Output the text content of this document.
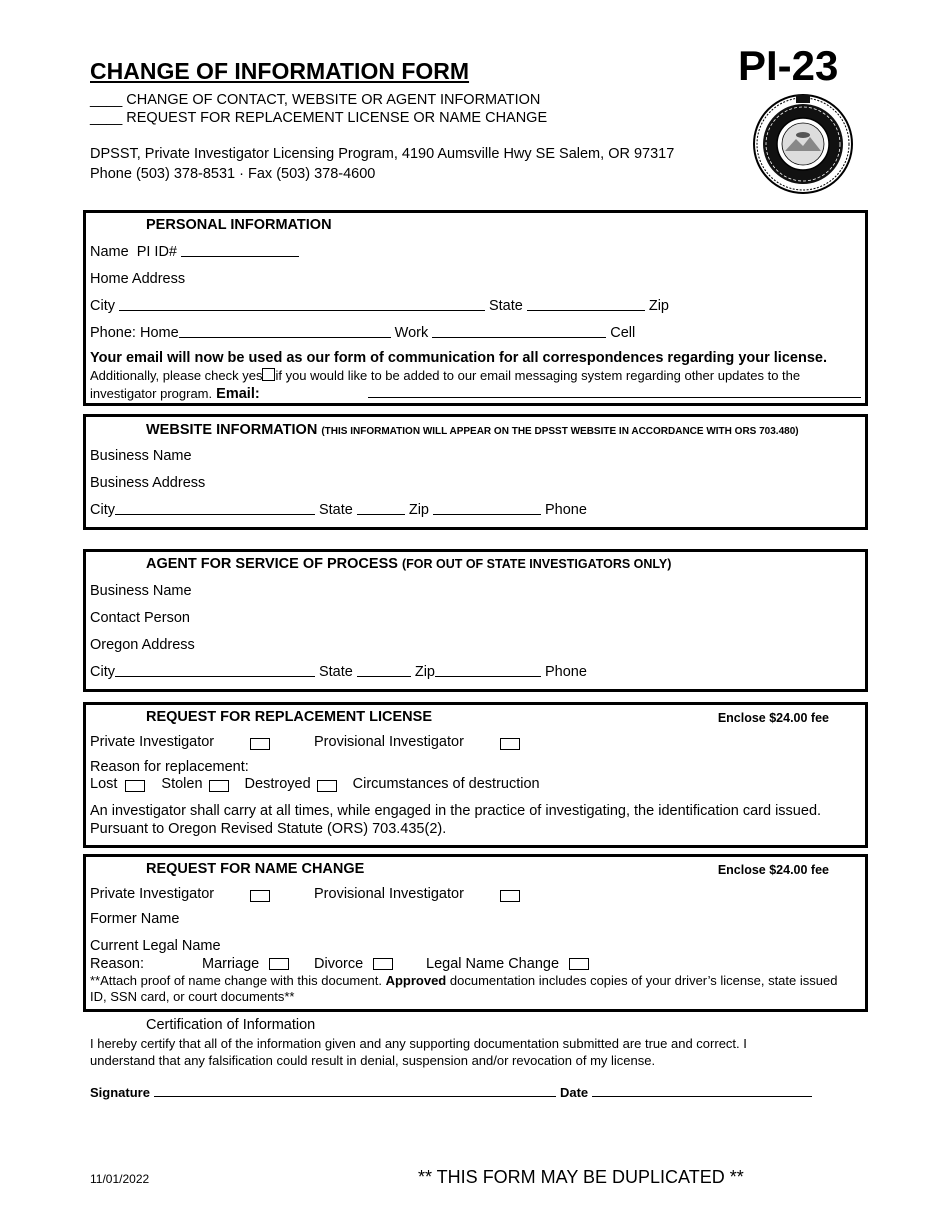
CHANGE OF INFORMATION FORM	PI-23
____ CHANGE OF CONTACT, WEBSITE OR AGENT INFORMATION
____ REQUEST FOR REPLACEMENT LICENSE OR NAME CHANGE
DPSST, Private Investigator Licensing Program, 4190 Aumsville Hwy SE Salem, OR 97317
Phone (503) 378-8531 · Fax (503) 378-4600
PERSONAL INFORMATION
Name PI ID#
Home Address
City	State	Zip
Phone: Home	Work	Cell
Your email will now be used as our form of communication for all correspondences regarding your license. Additionally, please check yes if you would like to be added to our email messaging system regarding other updates to the investigator program. Email:
WEBSITE INFORMATION (THIS INFORMATION WILL APPEAR ON THE DPSST WEBSITE IN ACCORDANCE WITH ORS 703.480)
Business Name
Business Address
City	State	Zip	Phone
AGENT FOR SERVICE OF PROCESS (FOR OUT OF STATE INVESTIGATORS ONLY)
Business Name
Contact Person
Oregon Address
City	State	Zip	Phone
REQUEST FOR REPLACEMENT LICENSE	Enclose $24.00 fee
Private Investigator	Provisional Investigator
Reason for replacement:
Lost	Stolen	Destroyed	Circumstances of destruction
An investigator shall carry at all times, while engaged in the practice of investigating, the identification card issued. Pursuant to Oregon Revised Statute (ORS) 703.435(2).
REQUEST FOR NAME CHANGE	Enclose $24.00 fee
Private Investigator	Provisional Investigator
Former Name
Current Legal Name
Reason:	Marriage	Divorce	Legal Name Change
**Attach proof of name change with this document. Approved documentation includes copies of your driver’s license, state issued ID, SSN card, or court documents**
Certification of Information
I hereby certify that all of the information given and any supporting documentation submitted are true and correct. I understand that any falsification could result in denial, suspension and/or revocation of my license.
Signature	Date
11/01/2022	** THIS FORM MAY BE DUPLICATED **
